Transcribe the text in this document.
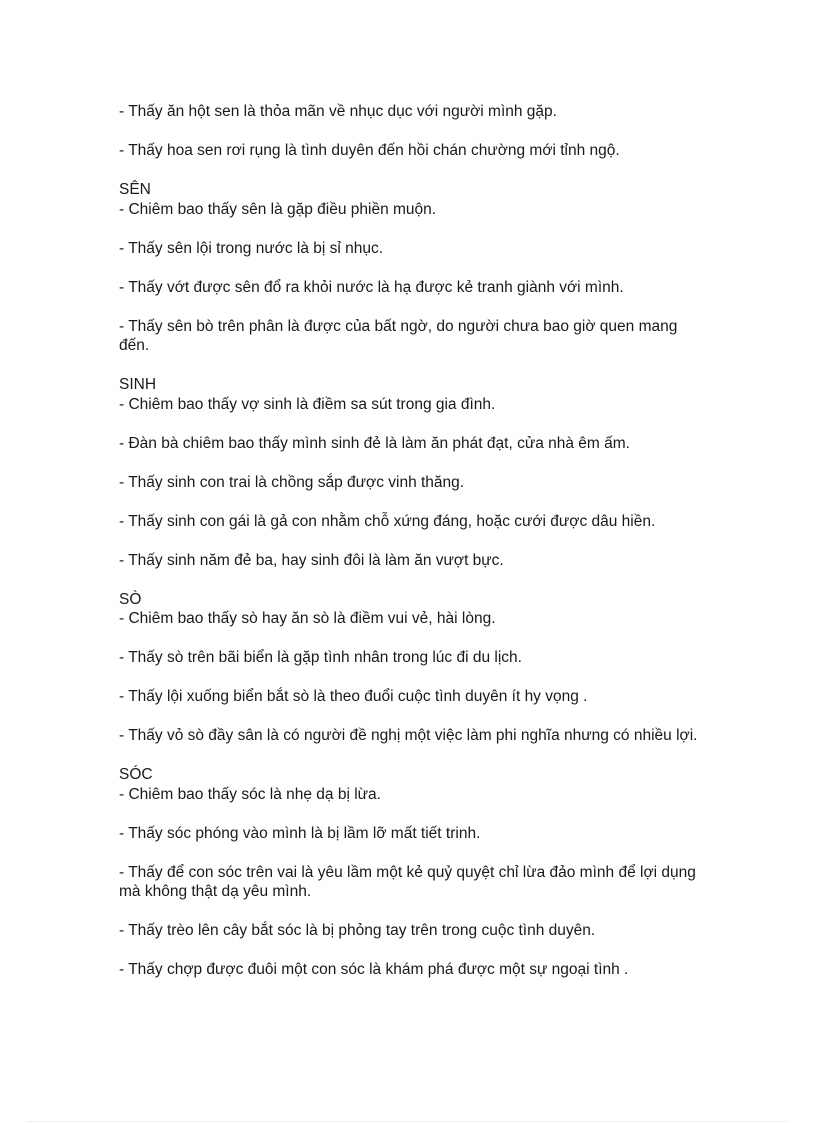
- Thấy ăn hột sen là thỏa mãn về nhục dục với người mình gặp.

- Thấy hoa sen rơi rụng là tình duyên đến hồi chán chường mới tỉnh ngộ.

SÊN

- Chiêm bao thấy sên là gặp điều phiền muộn.

- Thấy sên lội trong nước là bị sỉ nhục.

- Thấy vớt được sên đổ ra khỏi nước là hạ được kẻ tranh giành với mình.

- Thấy sên bò trên phân là được của bất ngờ, do người chưa bao giờ quen mang đến.

SINH

- Chiêm bao thấy vợ sinh là điềm sa sút trong gia đình.

- Đàn bà chiêm bao thấy mình sinh đẻ là làm ăn phát đạt, cửa nhà êm ấm.

- Thấy sinh con trai là chồng sắp được vinh thăng.

- Thấy sinh con gái là gả con nhằm chỗ xứng đáng, hoặc cưới được dâu hiền.

- Thấy sinh năm đẻ ba, hay sinh đôi là làm ăn vượt bực.

SÒ

- Chiêm bao thấy sò hay ăn sò là điềm vui vẻ, hài lòng.

- Thấy sò trên bãi biển là gặp tình nhân trong lúc đi du lịch.

- Thấy lội xuống biển bắt sò là theo đuổi cuộc tình duyên ít hy vọng .

- Thấy vỏ sò đầy sân là có người đề nghị một việc làm phi nghĩa nhưng có nhiều lợi.

SÓC

- Chiêm bao thấy sóc là nhẹ dạ bị lừa.

- Thấy sóc phóng vào mình là bị lầm lỡ mất tiết trinh.

- Thấy để con sóc trên vai là yêu lầm một kẻ quỷ quyệt chỉ lừa đảo mình để lợi dụng mà không thật dạ yêu mình.

- Thấy trèo lên cây bắt sóc là bị phỏng tay trên trong cuộc tình duyên.

- Thấy chợp được đuôi một con sóc là khám phá được một sự ngoại tình .
